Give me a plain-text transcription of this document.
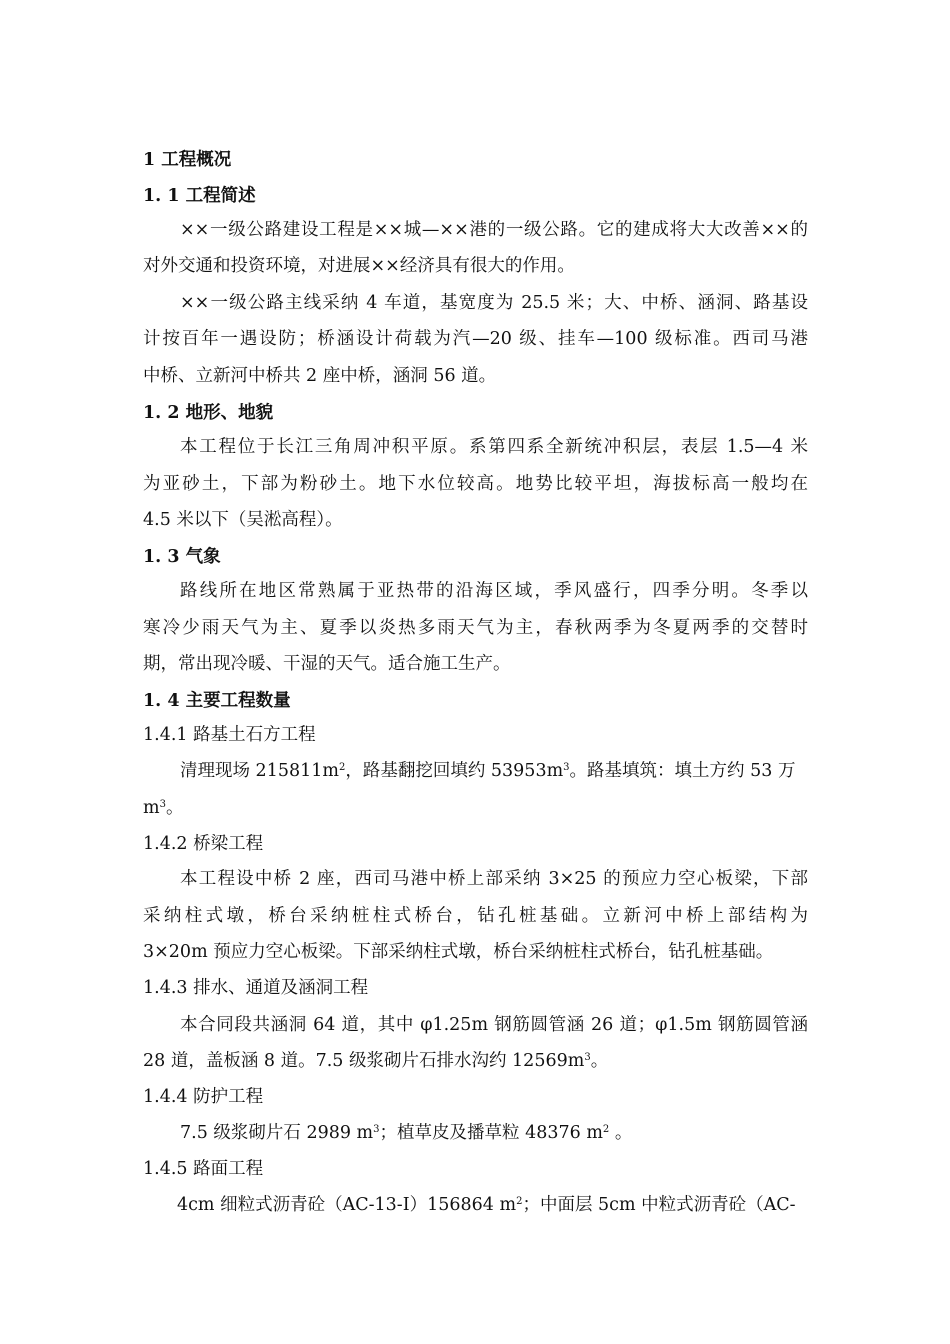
1 工程概况
1. 1 工程简述
××一级公路建设工程是××城—××港的一级公路。它的建成将大大改善××的
对外交通和投资环境，对进展××经济具有很大的作用。
××一级公路主线采纳 4 车道，基宽度为 25.5 米；大、中桥、涵洞、路基设
计按百年一遇设防；桥涵设计荷载为汽—20 级、挂车—100 级标准。西司马港
中桥、立新河中桥共 2 座中桥，涵洞 56 道。
1. 2 地形、地貌
本工程位于长江三角周冲积平原。系第四系全新统冲积层，表层 1.5—4 米
为亚砂土，下部为粉砂土。地下水位较高。地势比较平坦，海拔标高一般均在
4.5 米以下（吴淞高程）。
1. 3 气象
路线所在地区常熟属于亚热带的沿海区域，季风盛行，四季分明。冬季以
寒冷少雨天气为主、夏季以炎热多雨天气为主，春秋两季为冬夏两季的交替时
期，常出现冷暖、干湿的天气。适合施工生产。
1. 4 主要工程数量
1.4.1 路基土石方工程
清理现场 $215811m^2$，路基翻挖回填约 $53953m^3$。路基填筑：填土方约 53 万
$m^3$。
1.4.2 桥梁工程
本工程设中桥 2 座，西司马港中桥上部采纳 3×25 的预应力空心板梁，下部
采纳柱式墩，桥台采纳桩柱式桥台，钻孔桩基础。立新河中桥上部结构为
3×20m 预应力空心板梁。下部采纳柱式墩，桥台采纳桩柱式桥台，钻孔桩基础。
1.4.3 排水、通道及涵洞工程
本合同段共涵洞 64 道，其中 φ1.25m 钢筋圆管涵 26 道；φ1.5m 钢筋圆管涵
28 道，盖板涵 8 道。7.5 级浆砌片石排水沟约 $12569m^3$。
1.4.4 防护工程
7.5 级浆砌片石 2989 $m^3$；植草皮及播草粒 48376 $m^2$ 。
1.4.5 路面工程
4cm 细粒式沥青砼（AC-13-I）156864 $m^2$；中面层 5cm 中粒式沥青砼（AC-
